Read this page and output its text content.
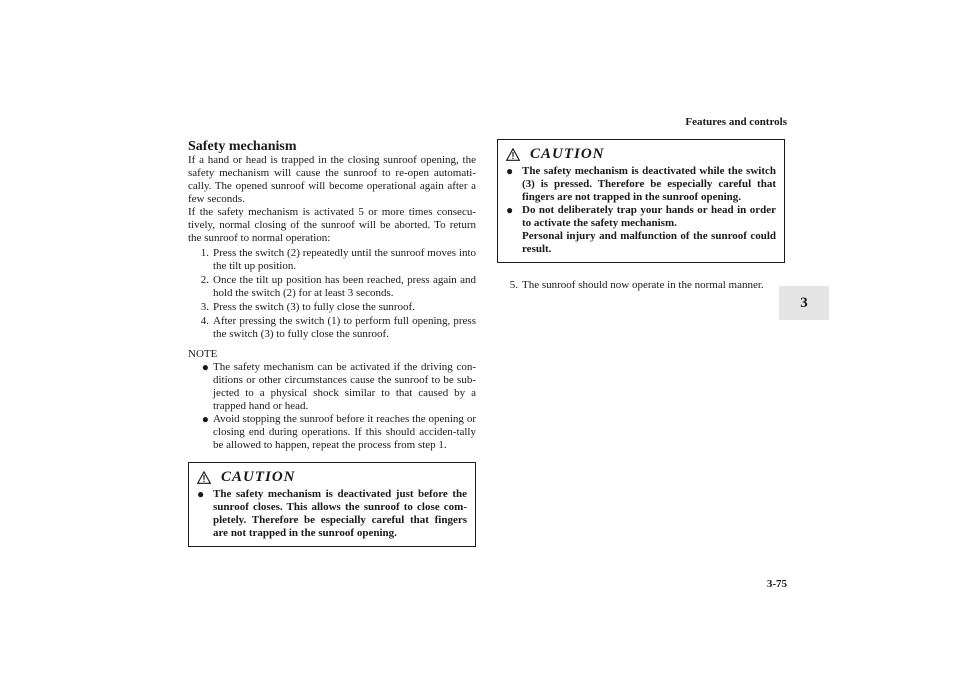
Features and controls
3
3-75
Safety mechanism

If a hand or head is trapped in the closing sunroof opening, the safety mechanism will cause the sunroof to re-open automati-cally. The opened sunroof will become operational again after a few seconds.

If the safety mechanism is activated 5 or more times consecu-tively, normal closing of the sunroof will be aborted. To return the sunroof to normal operation:

1. Press the switch (2) repeatedly until the sunroof moves into the tilt up position.
2. Once the tilt up position has been reached, press again and hold the switch (2) for at least 3 seconds.
3. Press the switch (3) to fully close the sunroof.
4. After pressing the switch (1) to perform full opening, press the switch (3) to fully close the sunroof.
NOTE
● The safety mechanism can be activated if the driving con-ditions or other circumstances cause the sunroof to be sub-jected to a physical shock similar to that caused by a trapped hand or head.
● Avoid stopping the sunroof before it reaches the opening or closing end during operations. If this should acciden-tally be allowed to happen, repeat the process from step 1.
CAUTION
● The safety mechanism is deactivated just before the sunroof closes. This allows the sunroof to close com-pletely. Therefore be especially careful that fingers are not trapped in the sunroof opening.
CAUTION
● The safety mechanism is deactivated while the switch (3) is pressed. Therefore be especially careful that fingers are not trapped in the sunroof opening.
● Do not deliberately trap your hands or head in order to activate the safety mechanism.
Personal injury and malfunction of the sunroof could result.
5. The sunroof should now operate in the normal manner.
